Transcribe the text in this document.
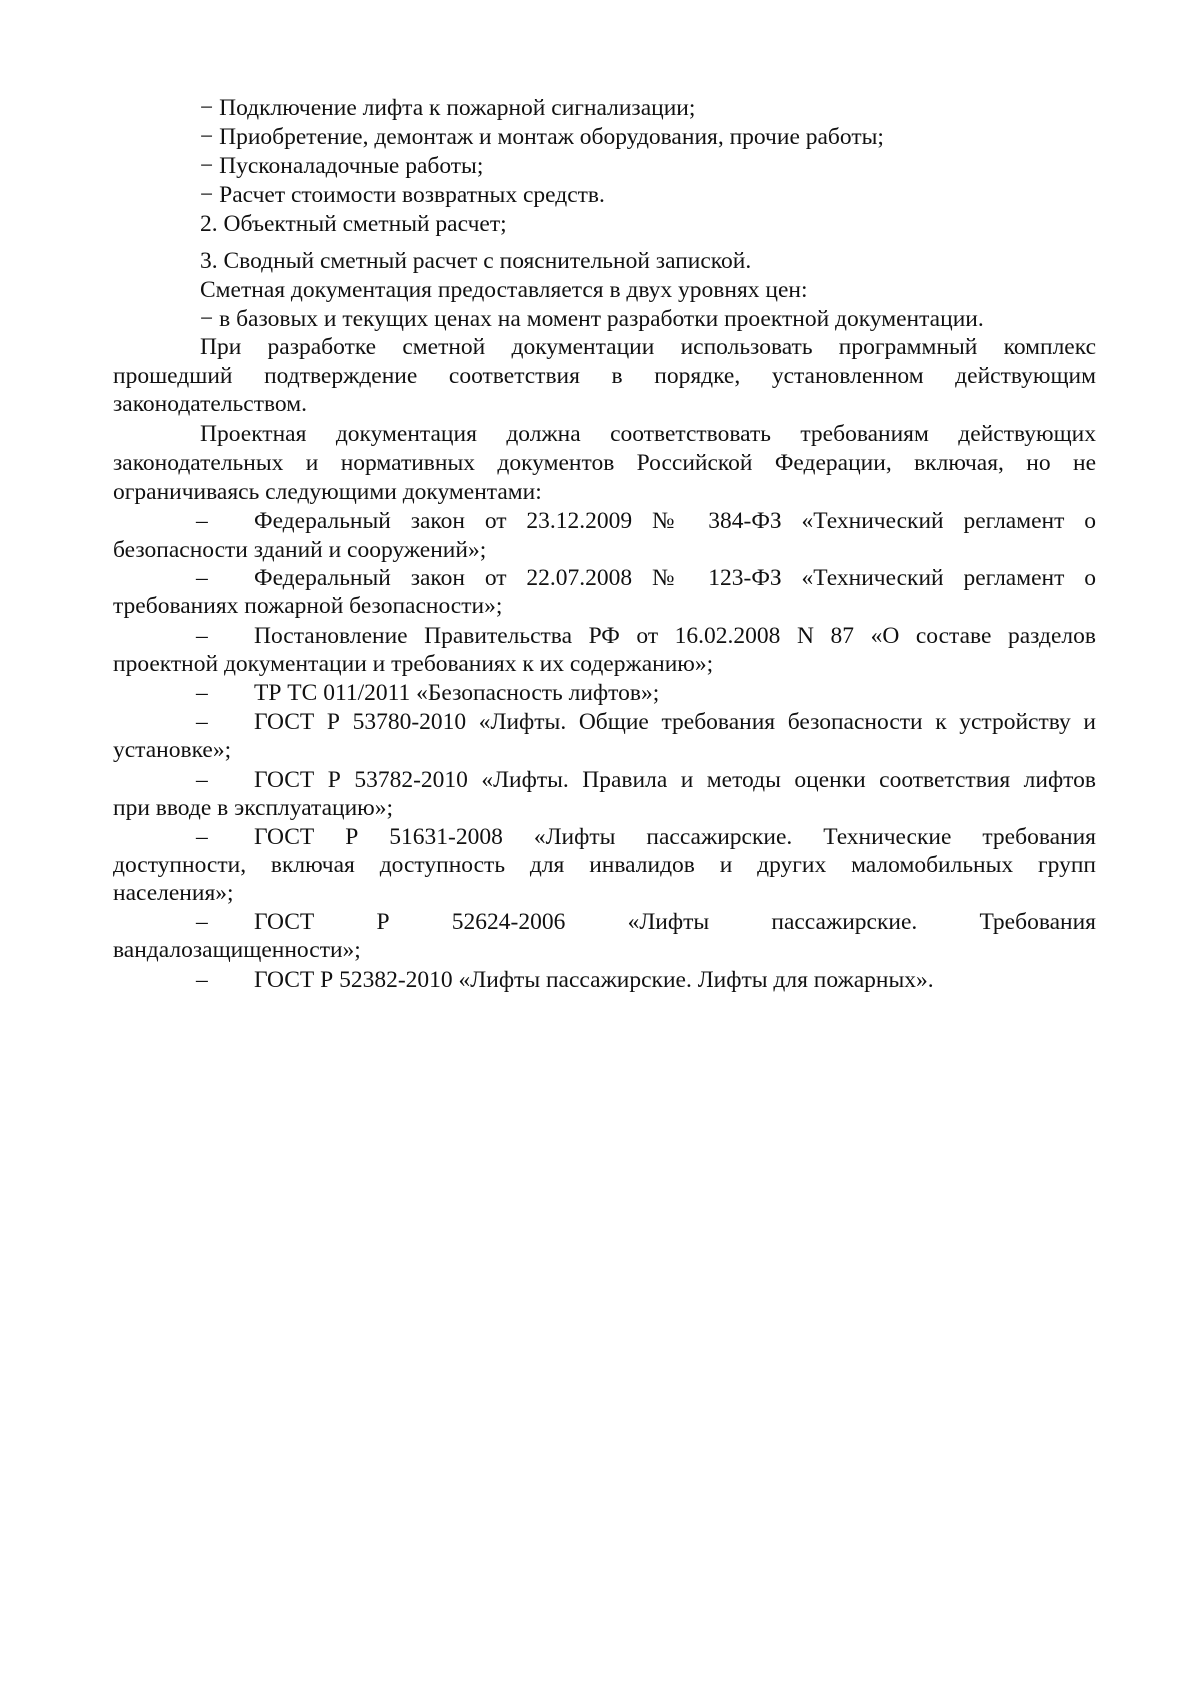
− Подключение лифта к пожарной сигнализации;
− Приобретение, демонтаж и монтаж оборудования, прочие работы;
− Пусконаладочные работы;
− Расчет стоимости возвратных средств.
2. Объектный сметный расчет;
3. Сводный сметный расчет с пояснительной запиской.
Сметная документация предоставляется в двух уровнях цен:
− в базовых и текущих ценах на момент разработки проектной документации.
При разработке сметной документации использовать программный комплекс
прошедший подтверждение соответствия в порядке, установленном действующим
законодательством.
Проектная документация должна соответствовать требованиям действующих
законодательных и нормативных документов Российской Федерации, включая, но не
ограничиваясь следующими документами:
– Федеральный закон от 23.12.2009 № 384-ФЗ «Технический регламент о
безопасности зданий и сооружений»;
– Федеральный закон от 22.07.2008 № 123-ФЗ «Технический регламент о
требованиях пожарной безопасности»;
– Постановление Правительства РФ от 16.02.2008 N 87 «О составе разделов
проектной документации и требованиях к их содержанию»;
– ТР ТС 011/2011 «Безопасность лифтов»;
– ГОСТ Р 53780-2010 «Лифты. Общие требования безопасности к устройству и
установке»;
– ГОСТ Р 53782-2010 «Лифты. Правила и методы оценки соответствия лифтов
при вводе в эксплуатацию»;
– ГОСТ Р 51631-2008 «Лифты пассажирские. Технические требования
доступности, включая доступность для инвалидов и других маломобильных групп
населения»;
– ГОСТ Р 52624-2006 «Лифты пассажирские. Требования
вандалозащищенности»;
– ГОСТ Р 52382-2010 «Лифты пассажирские. Лифты для пожарных».
